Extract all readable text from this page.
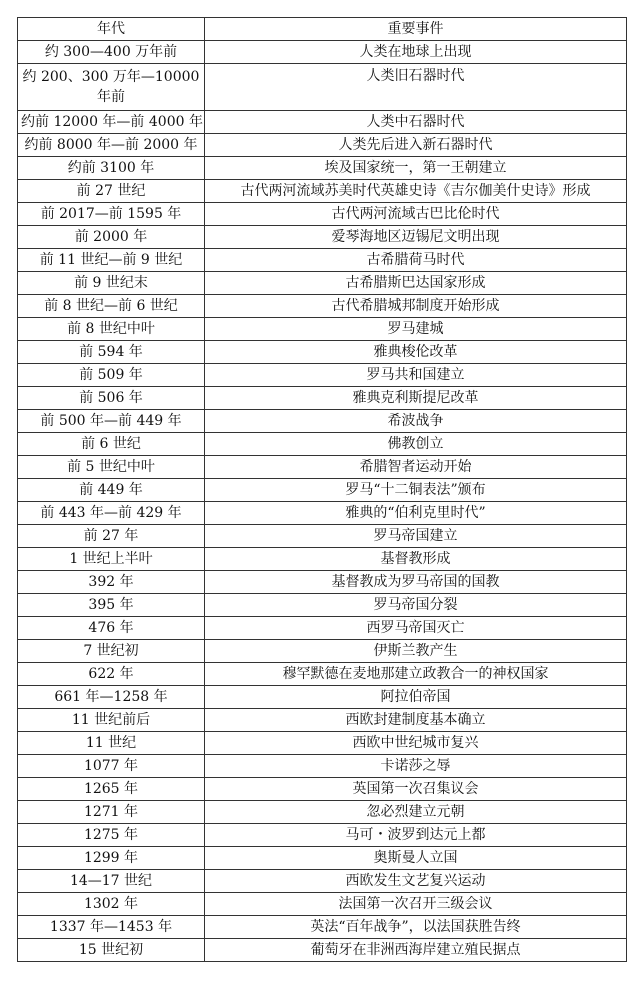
年代	重要事件
约 300—400 万年前	人类在地球上出现
约 200、300 万年—10000 年前	人类旧石器时代
约前 12000 年—前 4000 年	人类中石器时代
约前 8000 年—前 2000 年	人类先后进入新石器时代
约前 3100 年	埃及国家统一，第一王朝建立
前 27 世纪	古代两河流域苏美时代英雄史诗《吉尔伽美什史诗》形成
前 2017—前 1595 年	古代两河流域古巴比伦时代
前 2000 年	爱琴海地区迈锡尼文明出现
前 11 世纪—前 9 世纪	古希腊荷马时代
前 9 世纪末	古希腊斯巴达国家形成
前 8 世纪—前 6 世纪	古代希腊城邦制度开始形成
前 8 世纪中叶	罗马建城
前 594 年	雅典梭伦改革
前 509 年	罗马共和国建立
前 506 年	雅典克利斯提尼改革
前 500 年—前 449 年	希波战争
前 6 世纪	佛教创立
前 5 世纪中叶	希腊智者运动开始
前 449 年	罗马“十二铜表法”颁布
前 443 年—前 429 年	雅典的“伯利克里时代”
前 27 年	罗马帝国建立
1 世纪上半叶	基督教形成
392 年	基督教成为罗马帝国的国教
395 年	罗马帝国分裂
476 年	西罗马帝国灭亡
7 世纪初	伊斯兰教产生
622 年	穆罕默德在麦地那建立政教合一的神权国家
661 年—1258 年	阿拉伯帝国
11 世纪前后	西欧封建制度基本确立
11 世纪	西欧中世纪城市复兴
1077 年	卡诺莎之辱
1265 年	英国第一次召集议会
1271 年	忽必烈建立元朝
1275 年	马可・波罗到达元上都
1299 年	奥斯曼人立国
14—17 世纪	西欧发生文艺复兴运动
1302 年	法国第一次召开三级会议
1337 年—1453 年	英法“百年战争”，以法国获胜告终
15 世纪初	葡萄牙在非洲西海岸建立殖民据点
